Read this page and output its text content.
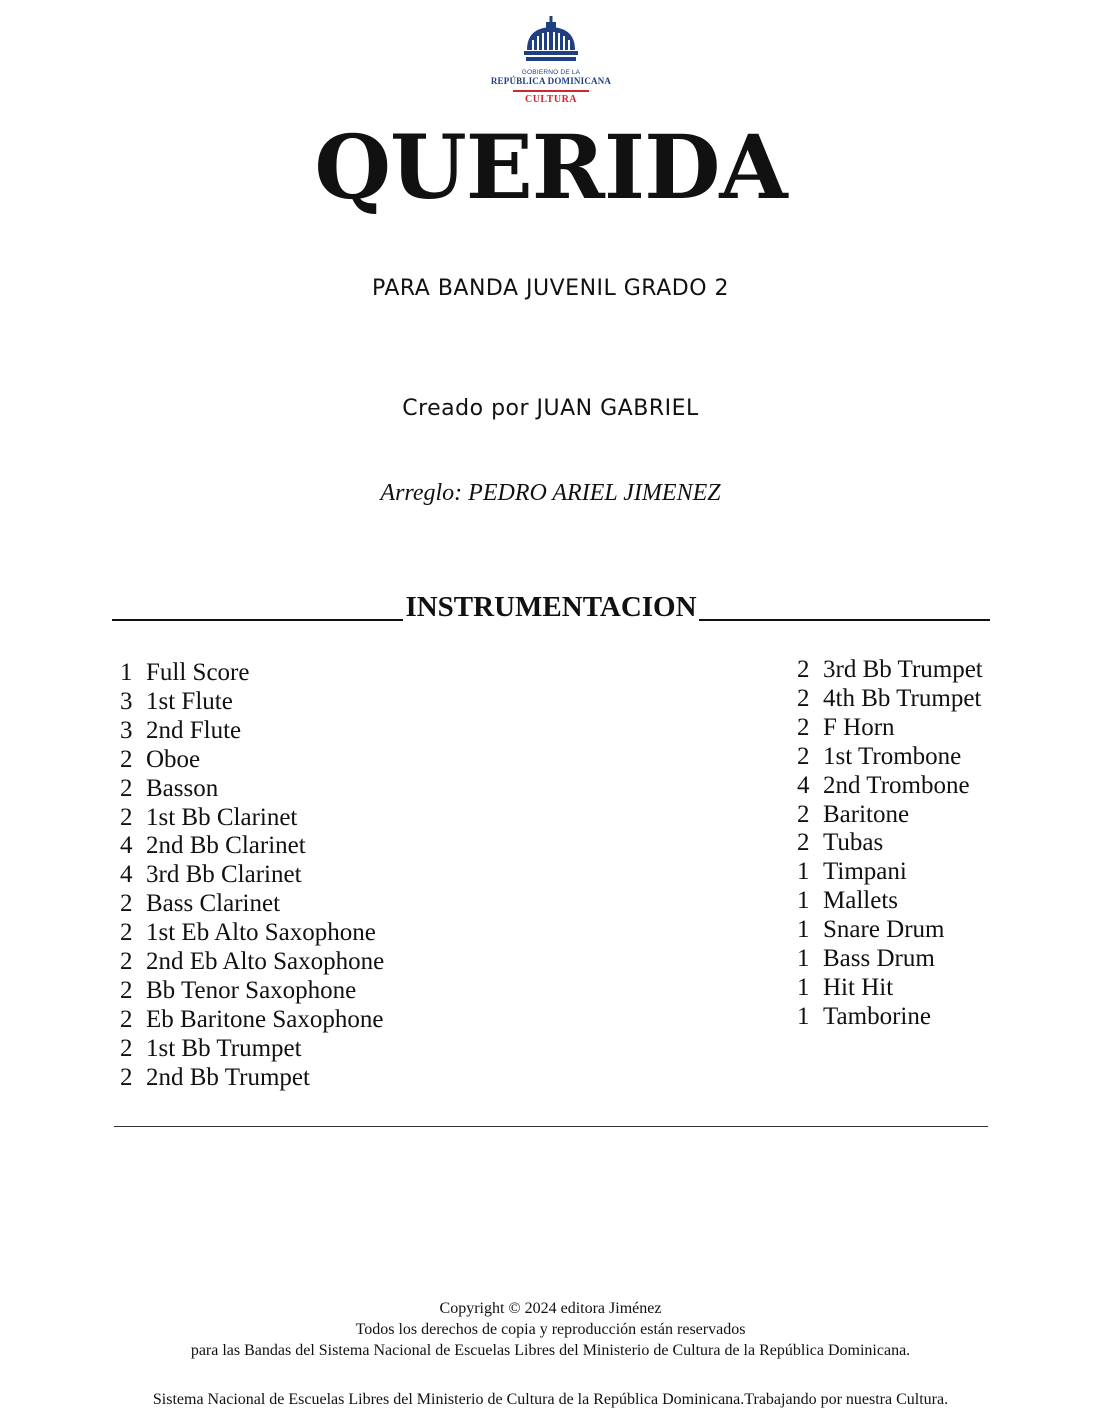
GOBIERNO DE LA
REPÚBLICA DOMINICANA
CULTURA
QUERIDA
PARA BANDA JUVENIL GRADO 2
Creado por JUAN GABRIEL
Arreglo: PEDRO ARIEL JIMENEZ
INSTRUMENTACION
1 Full Score
3 1st Flute
3 2nd Flute
2 Oboe
2 Basson
2 1st Bb Clarinet
4 2nd Bb Clarinet
4 3rd Bb Clarinet
2 Bass Clarinet
2 1st Eb Alto Saxophone
2 2nd Eb Alto Saxophone
2 Bb Tenor Saxophone
2 Eb Baritone Saxophone
2 1st Bb Trumpet
2 2nd Bb Trumpet
2 3rd Bb Trumpet
2 4th Bb Trumpet
2 F Horn
2 1st Trombone
4 2nd Trombone
2 Baritone
2 Tubas
1 Timpani
1 Mallets
1 Snare Drum
1 Bass Drum
1 Hit Hit
1 Tamborine
Copyright © 2024 editora Jiménez
Todos los derechos de copia y reproducción están reservados
para las Bandas del Sistema Nacional de Escuelas Libres del Ministerio de Cultura de la República Dominicana.
Sistema Nacional de Escuelas Libres del Ministerio de Cultura de la República Dominicana.Trabajando por nuestra Cultura.
